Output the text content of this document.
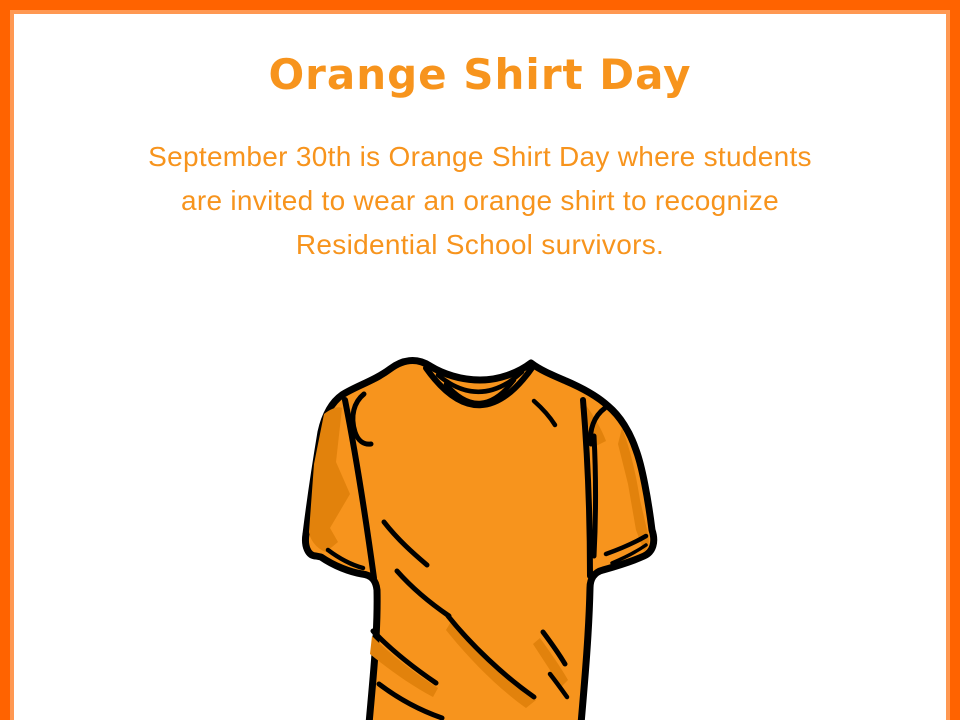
Orange Shirt Day

September 30th is Orange Shirt Day where students
are invited to wear an orange shirt to recognize
Residential School survivors.
